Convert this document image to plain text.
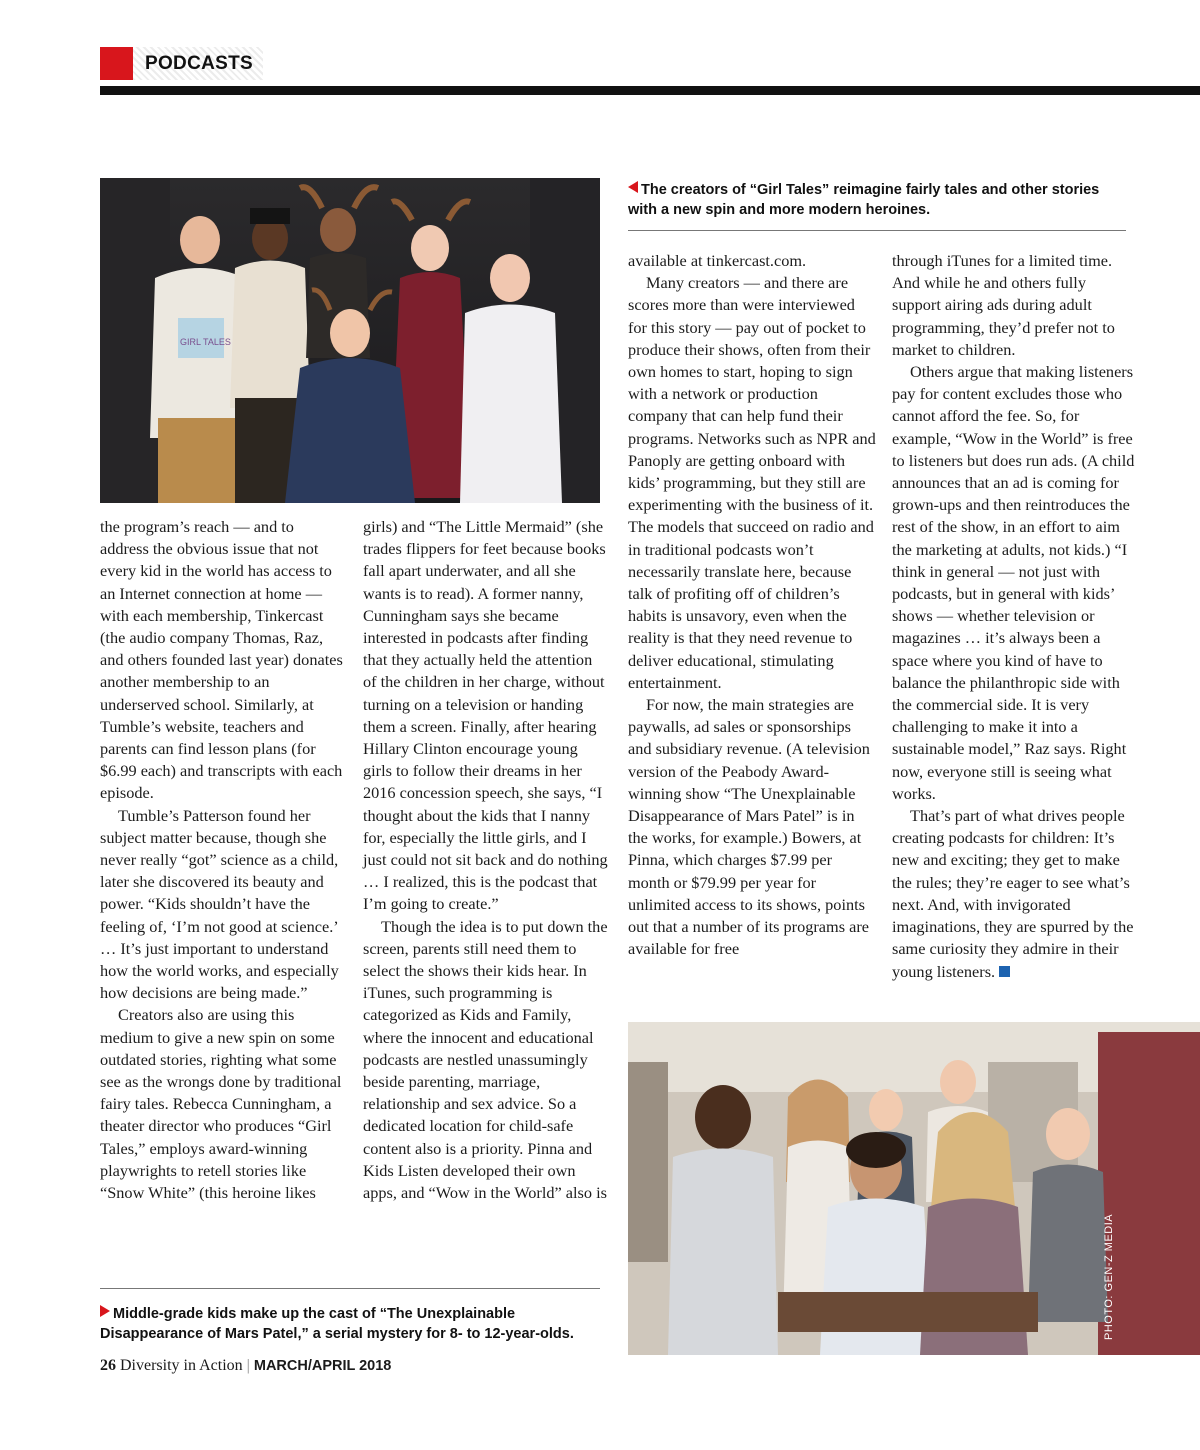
PODCASTS
GIRL TALES
The creators of “Girl Tales” reimagine fairly tales and other stories with a new spin and more modern heroines.

the program’s reach — and to address the obvious issue that not every kid in the world has access to an Internet connection at home — with each membership, Tinkercast (the audio company Thomas, Raz, and others founded last year) donates another membership to an underserved school. Similarly, at Tumble’s website, teachers and parents can find lesson plans (for $6.99 each) and transcripts with each episode.

Tumble’s Patterson found her subject matter because, though she never really “got” science as a child, later she discovered its beauty and power. “Kids shouldn’t have the feeling of, ‘I’m not good at science.’ … It’s just important to understand how the world works, and especially how decisions are being made.”

Creators also are using this medium to give a new spin on some outdated stories, righting what some see as the wrongs done by traditional fairy tales. Rebecca Cunningham, a theater director who produces “Girl Tales,” employs award-winning playwrights to retell stories like “Snow White” (this heroine likes

girls) and “The Little Mermaid” (she trades flippers for feet because books fall apart underwater, and all she wants is to read). A former nanny, Cunningham says she became interested in podcasts after finding that they actually held the attention of the children in her charge, without turning on a television or handing them a screen. Finally, after hearing Hillary Clinton encourage young girls to follow their dreams in her 2016 concession speech, she says, “I thought about the kids that I nanny for, especially the little girls, and I just could not sit back and do nothing … I realized, this is the podcast that I’m going to create.”

Though the idea is to put down the screen, parents still need them to select the shows their kids hear. In iTunes, such programming is categorized as Kids and Family, where the innocent and educational podcasts are nestled unassumingly beside parenting, marriage, relationship and sex advice. So a dedicated location for child-safe content also is a priority. Pinna and Kids Listen developed their own apps, and “Wow in the World” also is

available at tinkercast.com.

Many creators — and there are scores more than were interviewed for this story — pay out of pocket to produce their shows, often from their own homes to start, hoping to sign with a network or production company that can help fund their programs. Networks such as NPR and Panoply are getting onboard with kids’ programming, but they still are experimenting with the business of it. The models that succeed on radio and in traditional podcasts won’t necessarily translate here, because talk of profiting off of children’s habits is unsavory, even when the reality is that they need revenue to deliver educational, stimulating entertainment.

For now, the main strategies are paywalls, ad sales or sponsorships and subsidiary revenue. (A television version of the Peabody Award-winning show “The Unexplainable Disappearance of Mars Patel” is in the works, for example.) Bowers, at Pinna, which charges $7.99 per month or $79.99 per year for unlimited access to its shows, points out that a number of its programs are available for free

through iTunes for a limited time. And while he and others fully support airing ads during adult programming, they’d prefer not to market to children.

Others argue that making listeners pay for content excludes those who cannot afford the fee. So, for example, “Wow in the World” is free to listeners but does run ads. (A child announces that an ad is coming for grown-ups and then reintroduces the rest of the show, in an effort to aim the marketing at adults, not kids.) “I think in general — not just with podcasts, but in general with kids’ shows — whether television or magazines … it’s always been a space where you kind of have to balance the philanthropic side with the commercial side. It is very challenging to make it into a sustainable model,” Raz says. Right now, everyone still is seeing what works.

That’s part of what drives people creating podcasts for children: It’s new and exciting; they get to make the rules; they’re eager to see what’s next. And, with invigorated imaginations, they are spurred by the same curiosity they admire in their young listeners.

PHOTO: GEN-Z MEDIA
Middle-grade kids make up the cast of “The Unexplainable Disappearance of Mars Patel,” a serial mystery for 8- to 12-year-olds.
26 Diversity in Action | MARCH/APRIL 2018
